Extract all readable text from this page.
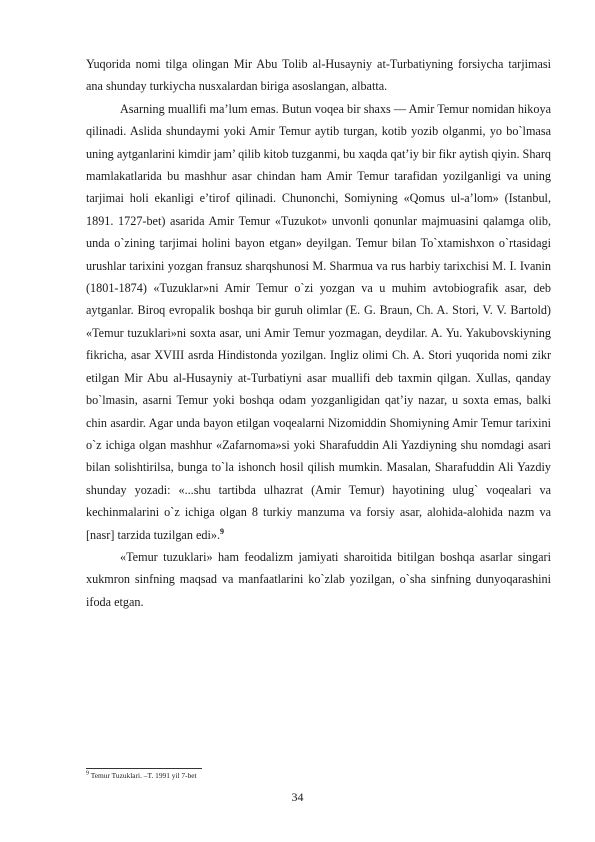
Yuqorida nomi tilga olingan Mir Abu Tolib al-Husayniy at-Turbatiyning forsiycha tarjimasi ana shunday turkiycha nusxalardan biriga asoslangan, albatta.

Asarning muallifi ma’lum emas. Butun voqea bir shaxs — Amir Temur nomidan hikoya qilinadi. Aslida shundaymi yoki Amir Temur aytib turgan, kotib yozib olganmi, yo bo`lmasa uning aytganlarini kimdir jam’ qilib kitob tuzganmi, bu xaqda qat’iy bir fikr aytish qiyin. Sharq mamlakatlarida bu mashhur asar chindan ham Amir Temur tarafidan yozilganligi va uning tarjimai holi ekanligi e’tirof qilinadi. Chunonchi, Somiyning «Qomus ul-a’lom» (Istanbul, 1891. 1727-bet) asarida Amir Temur «Tuzukot» unvonli qonunlar majmuasini qalamga olib, unda o`zining tarjimai holini bayon etgan» deyilgan. Temur bilan To`xtamishxon o`rtasidagi urushlar tarixini yozgan fransuz sharqshunosi M. Sharmua va rus harbiy tarixchisi M. I. Ivanin (1801-1874) «Tuzuklar»ni Amir Temur o`zi yozgan va u muhim avtobiografik asar, deb aytganlar. Biroq evropalik boshqa bir guruh olimlar (E. G. Braun, Ch. A. Stori, V. V. Bartold) «Temur tuzuklari»ni soxta asar, uni Amir Temur yozmagan, deydilar. A. Yu. Yakubovskiyning fikricha, asar XVIII asrda Hindistonda yozilgan. Ingliz olimi Ch. A. Stori yuqorida nomi zikr etilgan Mir Abu al-Husayniy at-Turbatiyni asar muallifi deb taxmin qilgan. Xullas, qanday bo`lmasin, asarni Temur yoki boshqa odam yozganligidan qat’iy nazar, u soxta emas, balki chin asardir. Agar unda bayon etilgan voqealarni Nizomiddin Shomiyning Amir Temur tarixini o`z ichiga olgan mashhur «Zafarnoma»si yoki Sharafuddin Ali Yazdiyning shu nomdagi asari bilan solishtirilsa, bunga to`la ishonch hosil qilish mumkin. Masalan, Sharafuddin Ali Yazdiy shunday yozadi: «...shu tartibda ulhazrat (Amir Temur) hayotining ulug` voqealari va kechinmalarini o`z ichiga olgan 8 turkiy manzuma va forsiy asar, alohida-alohida nazm va [nasr] tarzida tuzilgan edi».$^9$

«Temur tuzuklari» ham feodalizm jamiyati sharoitida bitilgan boshqa asarlar singari xukmron sinfning maqsad va manfaatlarini ko`zlab yozilgan, o`sha sinfning dunyoqarashini ifoda etgan.

$^9$ Temur Tuzuklari. –T. 1991 yil 7-bet
34
